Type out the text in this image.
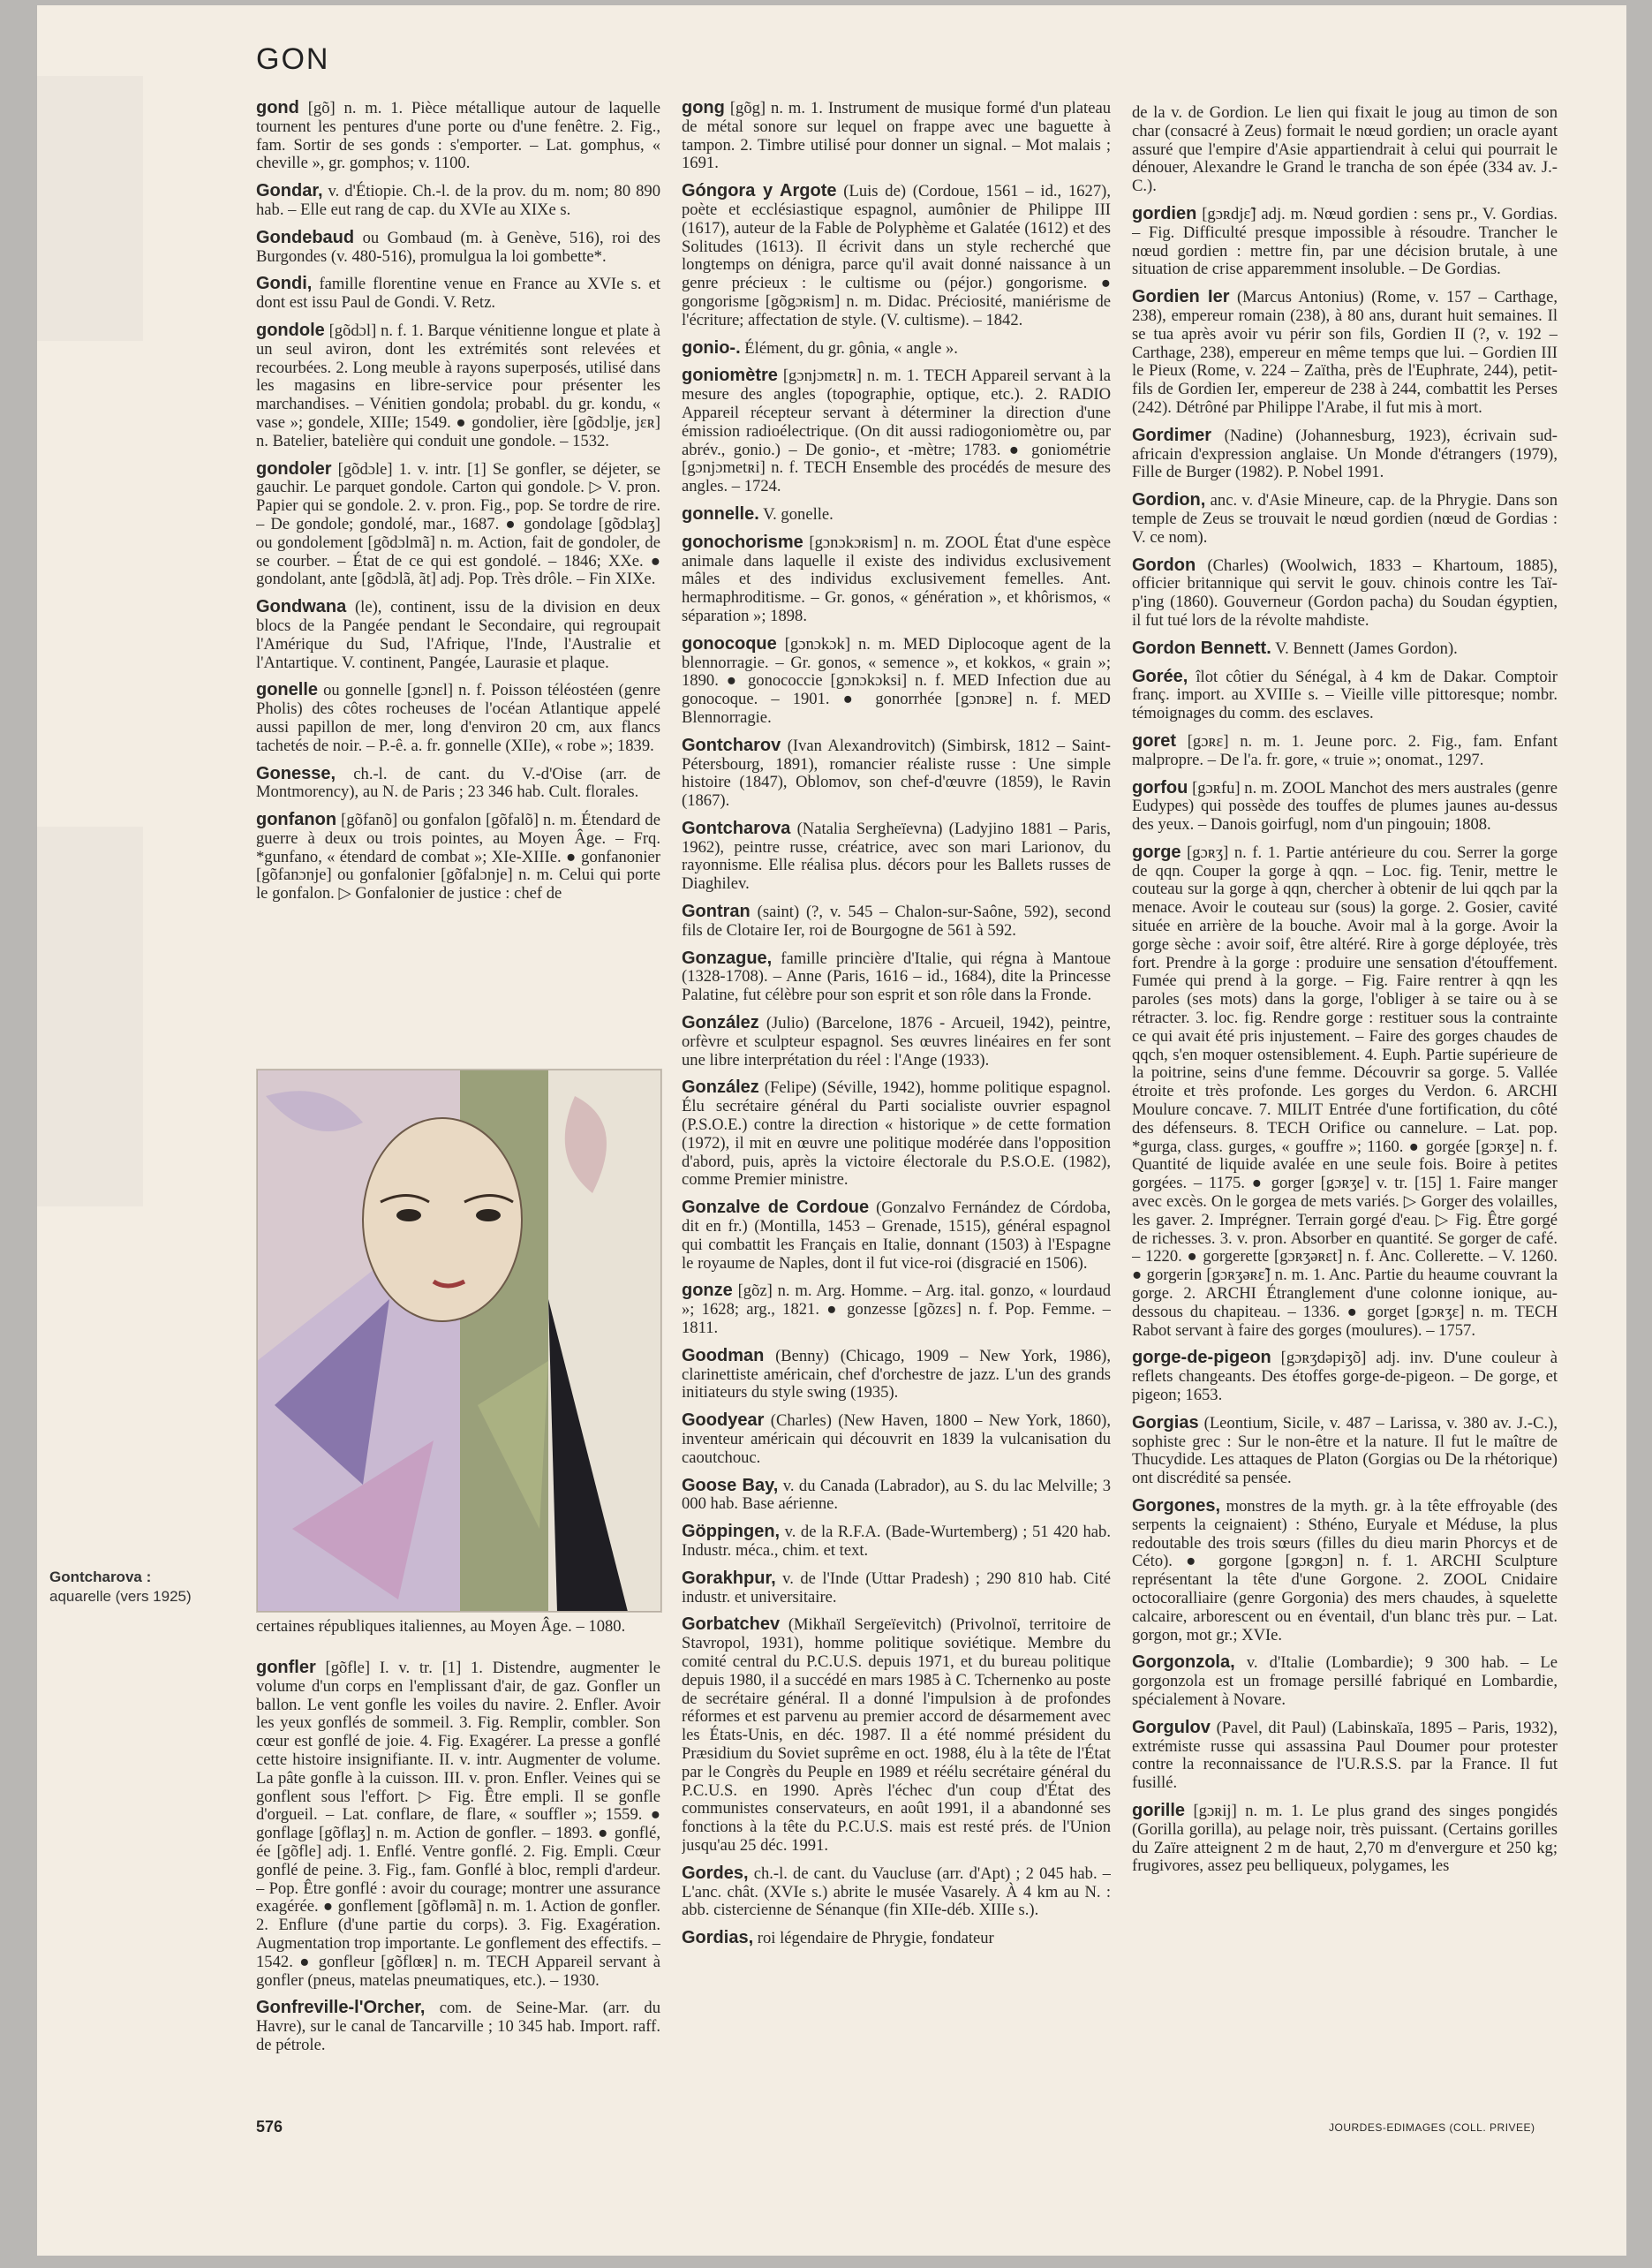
GON

gond [gõ] n. m. 1. Pièce métallique autour de laquelle tournent les pentures d'une porte ou d'une fenêtre. 2. Fig., fam. Sortir de ses gonds : s'emporter. – Lat. gomphus, « cheville », gr. gomphos; v. 1100.

Gondar, v. d'Étiopie. Ch.-l. de la prov. du m. nom; 80 890 hab. – Elle eut rang de cap. du XVIe au XIXe s.

Gondebaud ou Gombaud (m. à Genève, 516), roi des Burgondes (v. 480-516), promulgua la loi gombette*.

Gondi, famille florentine venue en France au XVIe s. et dont est issu Paul de Gondi. V. Retz.

gondole [gõdɔl] n. f. 1. Barque vénitienne longue et plate à un seul aviron, dont les extrémités sont relevées et recourbées. 2. Long meuble à rayons superposés, utilisé dans les magasins en libre-service pour présenter les marchandises. – Vénitien gondola; probabl. du gr. kondu, « vase »; gondele, XIIIe; 1549. ● gondolier, ière [gõdɔlje, jɛʀ] n. Batelier, batelière qui conduit une gondole. – 1532.

gondoler [gõdɔle] 1. v. intr. [1] Se gonfler, se déjeter, se gauchir. Le parquet gondole. Carton qui gondole. ▷ V. pron. Papier qui se gondole. 2. v. pron. Fig., pop. Se tordre de rire. – De gondole; gondolé, mar., 1687. ● gondolage [gõdɔlaʒ] ou gondolement [gõdɔlmã] n. m. Action, fait de gondoler, de se courber. – État de ce qui est gondolé. – 1846; XXe. ● gondolant, ante [gõdɔlã, ãt] adj. Pop. Très drôle. – Fin XIXe.

Gondwana (le), continent, issu de la division en deux blocs de la Pangée pendant le Secondaire, qui regroupait l'Amérique du Sud, l'Afrique, l'Inde, l'Australie et l'Antartique. V. continent, Pangée, Laurasie et plaque.

gonelle ou gonnelle [gɔnɛl] n. f. Poisson téléostéen (genre Pholis) des côtes rocheuses de l'océan Atlantique appelé aussi papillon de mer, long d'environ 20 cm, aux flancs tachetés de noir. – P.-ê. a. fr. gonnelle (XIIe), « robe »; 1839.

Gonesse, ch.-l. de cant. du V.-d'Oise (arr. de Montmorency), au N. de Paris ; 23 346 hab. Cult. florales.

gonfanon [gõfanõ] ou gonfalon [gõfalõ] n. m. Étendard de guerre à deux ou trois pointes, au Moyen Âge. – Frq. *gunfano, « étendard de combat »; XIe-XIIIe. ● gonfanonier [gõfanɔnje] ou gonfalonier [gõfalɔnje] n. m. Celui qui porte le gonfalon. ▷ Gonfalonier de justice : chef de

certaines républiques italiennes, au Moyen Âge. – 1080.

gonfler [gõfle] I. v. tr. [1] 1. Distendre, augmenter le volume d'un corps en l'emplissant d'air, de gaz. Gonfler un ballon. Le vent gonfle les voiles du navire. 2. Enfler. Avoir les yeux gonflés de sommeil. 3. Fig. Remplir, combler. Son cœur est gonflé de joie. 4. Fig. Exagérer. La presse a gonflé cette histoire insignifiante. II. v. intr. Augmenter de volume. La pâte gonfle à la cuisson. III. v. pron. Enfler. Veines qui se gonflent sous l'effort. ▷ Fig. Être empli. Il se gonfle d'orgueil. – Lat. conflare, de flare, « souffler »; 1559. ● gonflage [gõflaʒ] n. m. Action de gonfler. – 1893. ● gonflé, ée [gõfle] adj. 1. Enflé. Ventre gonflé. 2. Fig. Empli. Cœur gonflé de peine. 3. Fig., fam. Gonflé à bloc, rempli d'ardeur. – Pop. Être gonflé : avoir du courage; montrer une assurance exagérée. ● gonflement [gõfləmã] n. m. 1. Action de gonfler. 2. Enflure (d'une partie du corps). 3. Fig. Exagération. Augmentation trop importante. Le gonflement des effectifs. – 1542. ● gonfleur [gõflœʀ] n. m. TECH Appareil servant à gonfler (pneus, matelas pneumatiques, etc.). – 1930.

Gonfreville-l'Orcher, com. de Seine-Mar. (arr. du Havre), sur le canal de Tancarville ; 10 345 hab. Import. raff. de pétrole.

gong [gõg] n. m. 1. Instrument de musique formé d'un plateau de métal sonore sur lequel on frappe avec une baguette à tampon. 2. Timbre utilisé pour donner un signal. – Mot malais ; 1691.

Góngora y Argote (Luis de) (Cordoue, 1561 – id., 1627), poète et ecclésiastique espagnol, aumônier de Philippe III (1617), auteur de la Fable de Polyphème et Galatée (1612) et des Solitudes (1613). Il écrivit dans un style recherché que longtemps on dénigra, parce qu'il avait donné naissance à un genre précieux : le cultisme ou (péjor.) gongorisme. ● gongorisme [gõgɔʀism] n. m. Didac. Préciosité, maniérisme de l'écriture; affectation de style. (V. cultisme). – 1842.

gonio-. Élément, du gr. gônia, « angle ».

goniomètre [gɔnjɔmɛtʀ] n. m. 1. TECH Appareil servant à la mesure des angles (topographie, optique, etc.). 2. RADIO Appareil récepteur servant à déterminer la direction d'une émission radioélectrique. (On dit aussi radiogoniomètre ou, par abrév., gonio.) – De gonio-, et -mètre; 1783. ● goniométrie [gɔnjɔmetʀi] n. f. TECH Ensemble des procédés de mesure des angles. – 1724.

gonnelle. V. gonelle.

gonochorisme [gɔnɔkɔʀism] n. m. ZOOL État d'une espèce animale dans laquelle il existe des individus exclusivement mâles et des individus exclusivement femelles. Ant. hermaphroditisme. – Gr. gonos, « génération », et khôrismos, « séparation »; 1898.

gonocoque [gɔnɔkɔk] n. m. MED Diplocoque agent de la blennorragie. – Gr. gonos, « semence », et kokkos, « grain »; 1890. ● gonococcie [gɔnɔkɔksi] n. f. MED Infection due au gonocoque. – 1901. ● gonorrhée [gɔnɔʀe] n. f. MED Blennorragie.

Gontcharov (Ivan Alexandrovitch) (Simbirsk, 1812 – Saint-Pétersbourg, 1891), romancier réaliste russe : Une simple histoire (1847), Oblomov, son chef-d'œuvre (1859), le Ravin (1867).

Gontcharova (Natalia Sergheïevna) (Ladyjino 1881 – Paris, 1962), peintre russe, créatrice, avec son mari Larionov, du rayonnisme. Elle réalisa plus. décors pour les Ballets russes de Diaghilev.

Gontran (saint) (?, v. 545 – Chalon-sur-Saône, 592), second fils de Clotaire Ier, roi de Bourgogne de 561 à 592.

Gonzague, famille princière d'Italie, qui régna à Mantoue (1328-1708). – Anne (Paris, 1616 – id., 1684), dite la Princesse Palatine, fut célèbre pour son esprit et son rôle dans la Fronde.

González (Julio) (Barcelone, 1876 - Arcueil, 1942), peintre, orfèvre et sculpteur espagnol. Ses œuvres linéaires en fer sont une libre interprétation du réel : l'Ange (1933).

González (Felipe) (Séville, 1942), homme politique espagnol. Élu secrétaire général du Parti socialiste ouvrier espagnol (P.S.O.E.) contre la direction « historique » de cette formation (1972), il mit en œuvre une politique modérée dans l'opposition d'abord, puis, après la victoire électorale du P.S.O.E. (1982), comme Premier ministre.

Gonzalve de Cordoue (Gonzalvo Fernández de Córdoba, dit en fr.) (Montilla, 1453 – Grenade, 1515), général espagnol qui combattit les Français en Italie, donnant (1503) à l'Espagne le royaume de Naples, dont il fut vice-roi (disgracié en 1506).

gonze [gõz] n. m. Arg. Homme. – Arg. ital. gonzo, « lourdaud »; 1628; arg., 1821. ● gonzesse [gõzɛs] n. f. Pop. Femme. – 1811.

Goodman (Benny) (Chicago, 1909 – New York, 1986), clarinettiste américain, chef d'orchestre de jazz. L'un des grands initiateurs du style swing (1935).

Goodyear (Charles) (New Haven, 1800 – New York, 1860), inventeur américain qui découvrit en 1839 la vulcanisation du caoutchouc.

Goose Bay, v. du Canada (Labrador), au S. du lac Melville; 3 000 hab. Base aérienne.

Göppingen, v. de la R.F.A. (Bade-Wurtemberg) ; 51 420 hab. Industr. méca., chim. et text.

Gorakhpur, v. de l'Inde (Uttar Pradesh) ; 290 810 hab. Cité industr. et universitaire.

Gorbatchev (Mikhaïl Sergeïevitch) (Privolnoï, territoire de Stavropol, 1931), homme politique soviétique. Membre du comité central du P.C.U.S. depuis 1971, et du bureau politique depuis 1980, il a succédé en mars 1985 à C. Tchernenko au poste de secrétaire général. Il a donné l'impulsion à de profondes réformes et est parvenu au premier accord de désarmement avec les États-Unis, en déc. 1987. Il a été nommé président du Præsidium du Soviet suprême en oct. 1988, élu à la tête de l'État par le Congrès du Peuple en 1989 et réélu secrétaire général du P.C.U.S. en 1990. Après l'échec d'un coup d'État des communistes conservateurs, en août 1991, il a abandonné ses fonctions à la tête du P.C.U.S. mais est resté prés. de l'Union jusqu'au 25 déc. 1991.

Gordes, ch.-l. de cant. du Vaucluse (arr. d'Apt) ; 2 045 hab. – L'anc. chât. (XVIe s.) abrite le musée Vasarely. À 4 km au N. : abb. cistercienne de Sénanque (fin XIIe-déb. XIIIe s.).

Gordias, roi légendaire de Phrygie, fondateur

de la v. de Gordion. Le lien qui fixait le joug au timon de son char (consacré à Zeus) formait le nœud gordien; un oracle ayant assuré que l'empire d'Asie appartiendrait à celui qui pourrait le dénouer, Alexandre le Grand le trancha de son épée (334 av. J.-C.).

gordien [gɔʀdjɛ̃] adj. m. Nœud gordien : sens pr., V. Gordias. – Fig. Difficulté presque impossible à résoudre. Trancher le nœud gordien : mettre fin, par une décision brutale, à une situation de crise apparemment insoluble. – De Gordias.

Gordien Ier (Marcus Antonius) (Rome, v. 157 – Carthage, 238), empereur romain (238), à 80 ans, durant huit semaines. Il se tua après avoir vu périr son fils, Gordien II (?, v. 192 – Carthage, 238), empereur en même temps que lui. – Gordien III le Pieux (Rome, v. 224 – Zaïtha, près de l'Euphrate, 244), petit-fils de Gordien Ier, empereur de 238 à 244, combattit les Perses (242). Détrôné par Philippe l'Arabe, il fut mis à mort.

Gordimer (Nadine) (Johannesburg, 1923), écrivain sud-africain d'expression anglaise. Un Monde d'étrangers (1979), Fille de Burger (1982). P. Nobel 1991.

Gordion, anc. v. d'Asie Mineure, cap. de la Phrygie. Dans son temple de Zeus se trouvait le nœud gordien (nœud de Gordias : V. ce nom).

Gordon (Charles) (Woolwich, 1833 – Khartoum, 1885), officier britannique qui servit le gouv. chinois contre les Taï-p'ing (1860). Gouverneur (Gordon pacha) du Soudan égyptien, il fut tué lors de la révolte mahdiste.

Gordon Bennett. V. Bennett (James Gordon).

Gorée, îlot côtier du Sénégal, à 4 km de Dakar. Comptoir franç. import. au XVIIIe s. – Vieille ville pittoresque; nombr. témoignages du comm. des esclaves.

goret [gɔʀɛ] n. m. 1. Jeune porc. 2. Fig., fam. Enfant malpropre. – De l'a. fr. gore, « truie »; onomat., 1297.

gorfou [gɔʀfu] n. m. ZOOL Manchot des mers australes (genre Eudypes) qui possède des touffes de plumes jaunes au-dessus des yeux. – Danois goirfugl, nom d'un pingouin; 1808.

gorge [gɔʀʒ] n. f. 1. Partie antérieure du cou. Serrer la gorge de qqn. Couper la gorge à qqn. – Loc. fig. Tenir, mettre le couteau sur la gorge à qqn, chercher à obtenir de lui qqch par la menace. Avoir le couteau sur (sous) la gorge. 2. Gosier, cavité située en arrière de la bouche. Avoir mal à la gorge. Avoir la gorge sèche : avoir soif, être altéré. Rire à gorge déployée, très fort. Prendre à la gorge : produire une sensation d'étouffement. Fumée qui prend à la gorge. – Fig. Faire rentrer à qqn les paroles (ses mots) dans la gorge, l'obliger à se taire ou à se rétracter. 3. loc. fig. Rendre gorge : restituer sous la contrainte ce qui avait été pris injustement. – Faire des gorges chaudes de qqch, s'en moquer ostensiblement. 4. Euph. Partie supérieure de la poitrine, seins d'une femme. Découvrir sa gorge. 5. Vallée étroite et très profonde. Les gorges du Verdon. 6. ARCHI Moulure concave. 7. MILIT Entrée d'une fortification, du côté des défenseurs. 8. TECH Orifice ou cannelure. – Lat. pop. *gurga, class. gurges, « gouffre »; 1160. ● gorgée [gɔʀʒe] n. f. Quantité de liquide avalée en une seule fois. Boire à petites gorgées. – 1175. ● gorger [gɔʀʒe] v. tr. [15] 1. Faire manger avec excès. On le gorgea de mets variés. ▷ Gorger des volailles, les gaver. 2. Imprégner. Terrain gorgé d'eau. ▷ Fig. Être gorgé de richesses. 3. v. pron. Absorber en quantité. Se gorger de café. – 1220. ● gorgerette [gɔʀʒəʀɛt] n. f. Anc. Collerette. – V. 1260. ● gorgerin [gɔʀʒəʀɛ̃] n. m. 1. Anc. Partie du heaume couvrant la gorge. 2. ARCHI Étranglement d'une colonne ionique, au-dessous du chapiteau. – 1336. ● gorget [gɔʀʒɛ] n. m. TECH Rabot servant à faire des gorges (moulures). – 1757.

gorge-de-pigeon [gɔʀʒdəpiʒõ] adj. inv. D'une couleur à reflets changeants. Des étoffes gorge-de-pigeon. – De gorge, et pigeon; 1653.

Gorgias (Leontium, Sicile, v. 487 – Larissa, v. 380 av. J.-C.), sophiste grec : Sur le non-être et la nature. Il fut le maître de Thucydide. Les attaques de Platon (Gorgias ou De la rhétorique) ont discrédité sa pensée.

Gorgones, monstres de la myth. gr. à la tête effroyable (des serpents la ceignaient) : Sthéno, Euryale et Méduse, la plus redoutable des trois sœurs (filles du dieu marin Phorcys et de Céto). ● gorgone [gɔʀgɔn] n. f. 1. ARCHI Sculpture représentant la tête d'une Gorgone. 2. ZOOL Cnidaire octocoralliaire (genre Gorgonia) des mers chaudes, à squelette calcaire, arborescent ou en éventail, d'un blanc très pur. – Lat. gorgon, mot gr.; XVIe.

Gorgonzola, v. d'Italie (Lombardie); 9 300 hab. – Le gorgonzola est un fromage persillé fabriqué en Lombardie, spécialement à Novare.

Gorgulov (Pavel, dit Paul) (Labinskaïa, 1895 – Paris, 1932), extrémiste russe qui assassina Paul Doumer pour protester contre la reconnaissance de l'U.R.S.S. par la France. Il fut fusillé.

gorille [gɔʀij] n. m. 1. Le plus grand des singes pongidés (Gorilla gorilla), au pelage noir, très puissant. (Certains gorilles du Zaïre atteignent 2 m de haut, 2,70 m d'envergure et 250 kg; frugivores, assez peu belliqueux, polygames, les

Gontcharova :
aquarelle (vers 1925)
576	JOURDES-EDIMAGES (COLL. PRIVEE)
